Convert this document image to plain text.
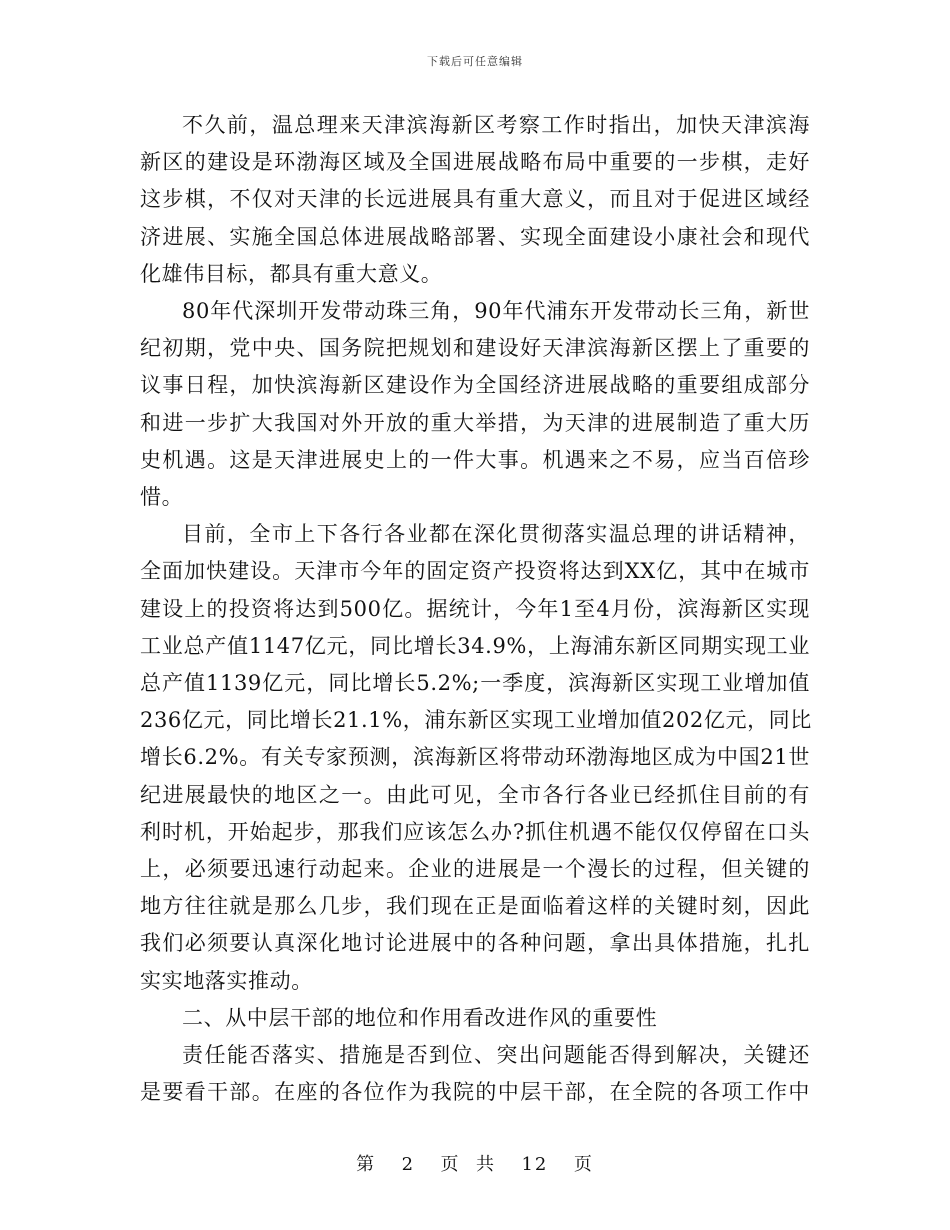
下载后可任意编辑

不久前，温总理来天津滨海新区考察工作时指出，加快天津滨海
新区的建设是环渤海区域及全国进展战略布局中重要的一步棋，走好
这步棋，不仅对天津的长远进展具有重大意义，而且对于促进区域经
济进展、实施全国总体进展战略部署、实现全面建设小康社会和现代
化雄伟目标，都具有重大意义。

80年代深圳开发带动珠三角，90年代浦东开发带动长三角，新世
纪初期，党中央、国务院把规划和建设好天津滨海新区摆上了重要的
议事日程，加快滨海新区建设作为全国经济进展战略的重要组成部分
和进一步扩大我国对外开放的重大举措，为天津的进展制造了重大历
史机遇。这是天津进展史上的一件大事。机遇来之不易，应当百倍珍
惜。

目前，全市上下各行各业都在深化贯彻落实温总理的讲话精神，
全面加快建设。天津市今年的固定资产投资将达到XX亿，其中在城市
建设上的投资将达到500亿。据统计，今年1至4月份，滨海新区实现
工业总产值1147亿元，同比增长34.9%，上海浦东新区同期实现工业
总产值1139亿元，同比增长5.2%;一季度，滨海新区实现工业增加值
236亿元，同比增长21.1%，浦东新区实现工业增加值202亿元，同比
增长6.2%。有关专家预测，滨海新区将带动环渤海地区成为中国21世
纪进展最快的地区之一。由此可见，全市各行各业已经抓住目前的有
利时机，开始起步，那我们应该怎么办?抓住机遇不能仅仅停留在口头
上，必须要迅速行动起来。企业的进展是一个漫长的过程，但关键的
地方往往就是那么几步，我们现在正是面临着这样的关键时刻，因此
我们必须要认真深化地讨论进展中的各种问题，拿出具体措施，扎扎
实实地落实推动。

二、从中层干部的地位和作用看改进作风的重要性

责任能否落实、措施是否到位、突出问题能否得到解决，关键还
是要看干部。在座的各位作为我院的中层干部，在全院的各项工作中

第 2 页  共 12 页
